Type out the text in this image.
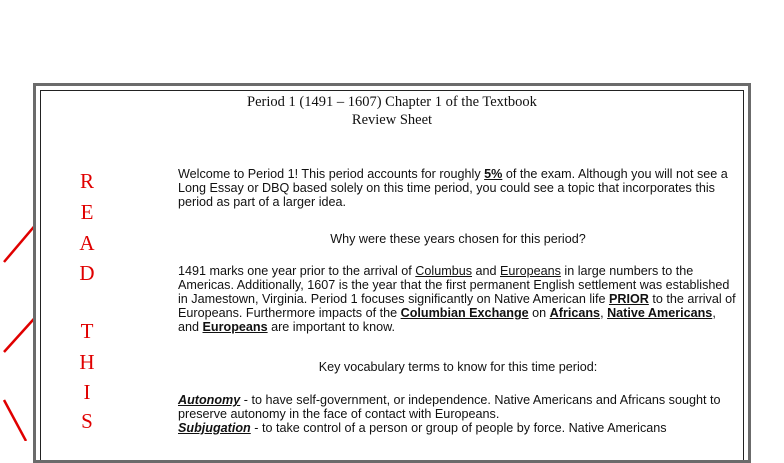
Period 1 (1491 – 1607) Chapter 1 of the Textbook
Review Sheet
R
E
A
D
T
H
I
S
Welcome to Period 1! This period accounts for roughly 5% of the exam. Although you will not see a Long Essay or DBQ based solely on this time period, you could see a topic that incorporates this period as part of a larger idea.
Why were these years chosen for this period?
1491 marks one year prior to the arrival of Columbus and Europeans in large numbers to the Americas. Additionally, 1607 is the year that the first permanent English settlement was established in Jamestown, Virginia. Period 1 focuses significantly on Native American life PRIOR to the arrival of Europeans. Furthermore impacts of the Columbian Exchange on Africans, Native Americans, and Europeans are important to know.
Key vocabulary terms to know for this time period:
Autonomy - to have self-government, or independence. Native Americans and Africans sought to preserve autonomy in the face of contact with Europeans.
Subjugation - to take control of a person or group of people by force. Native Americans
